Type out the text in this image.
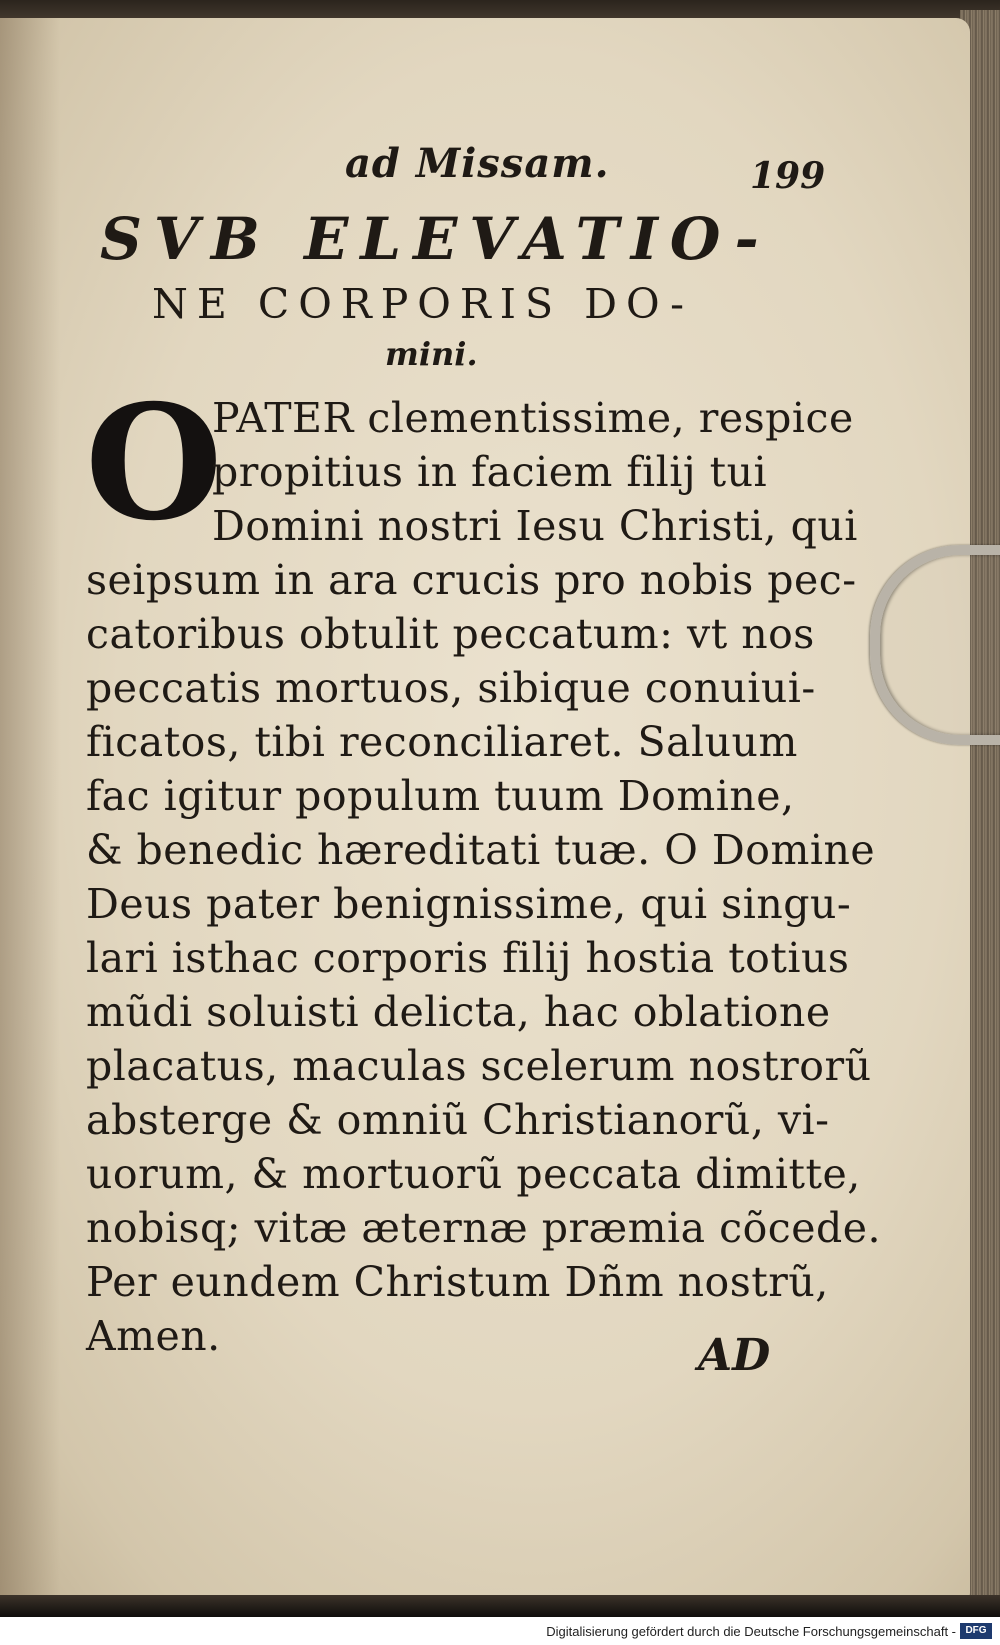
ad Missam.	199
SVB ELEVATIO-
NE CORPORIS DO-
mini.
O
PATER clementissime, respice
propitius in faciem filij tui
Domini nostri Iesu Christi, qui
seipsum in ara crucis pro nobis pec-
catoribus obtulit peccatum: vt nos
peccatis mortuos, sibique conuiui-
ficatos, tibi reconciliaret. Saluum
fac igitur populum tuum Domine,
& benedic hæreditati tuæ. O Domine
Deus pater benignissime, qui singu-
lari isthac corporis filij hostia totius
mũdi soluisti delicta, hac oblatione
placatus, maculas scelerum nostrorũ
absterge & omniũ Christianorũ, vi-
uorum, & mortuorũ peccata dimitte,
nobisq; vitæ æternæ præmia cõcede.
Per eundem Christum Dñm nostrũ,
Amen.	AD
Digitalisierung gefördert durch die Deutsche Forschungsgemeinschaft - DFG
